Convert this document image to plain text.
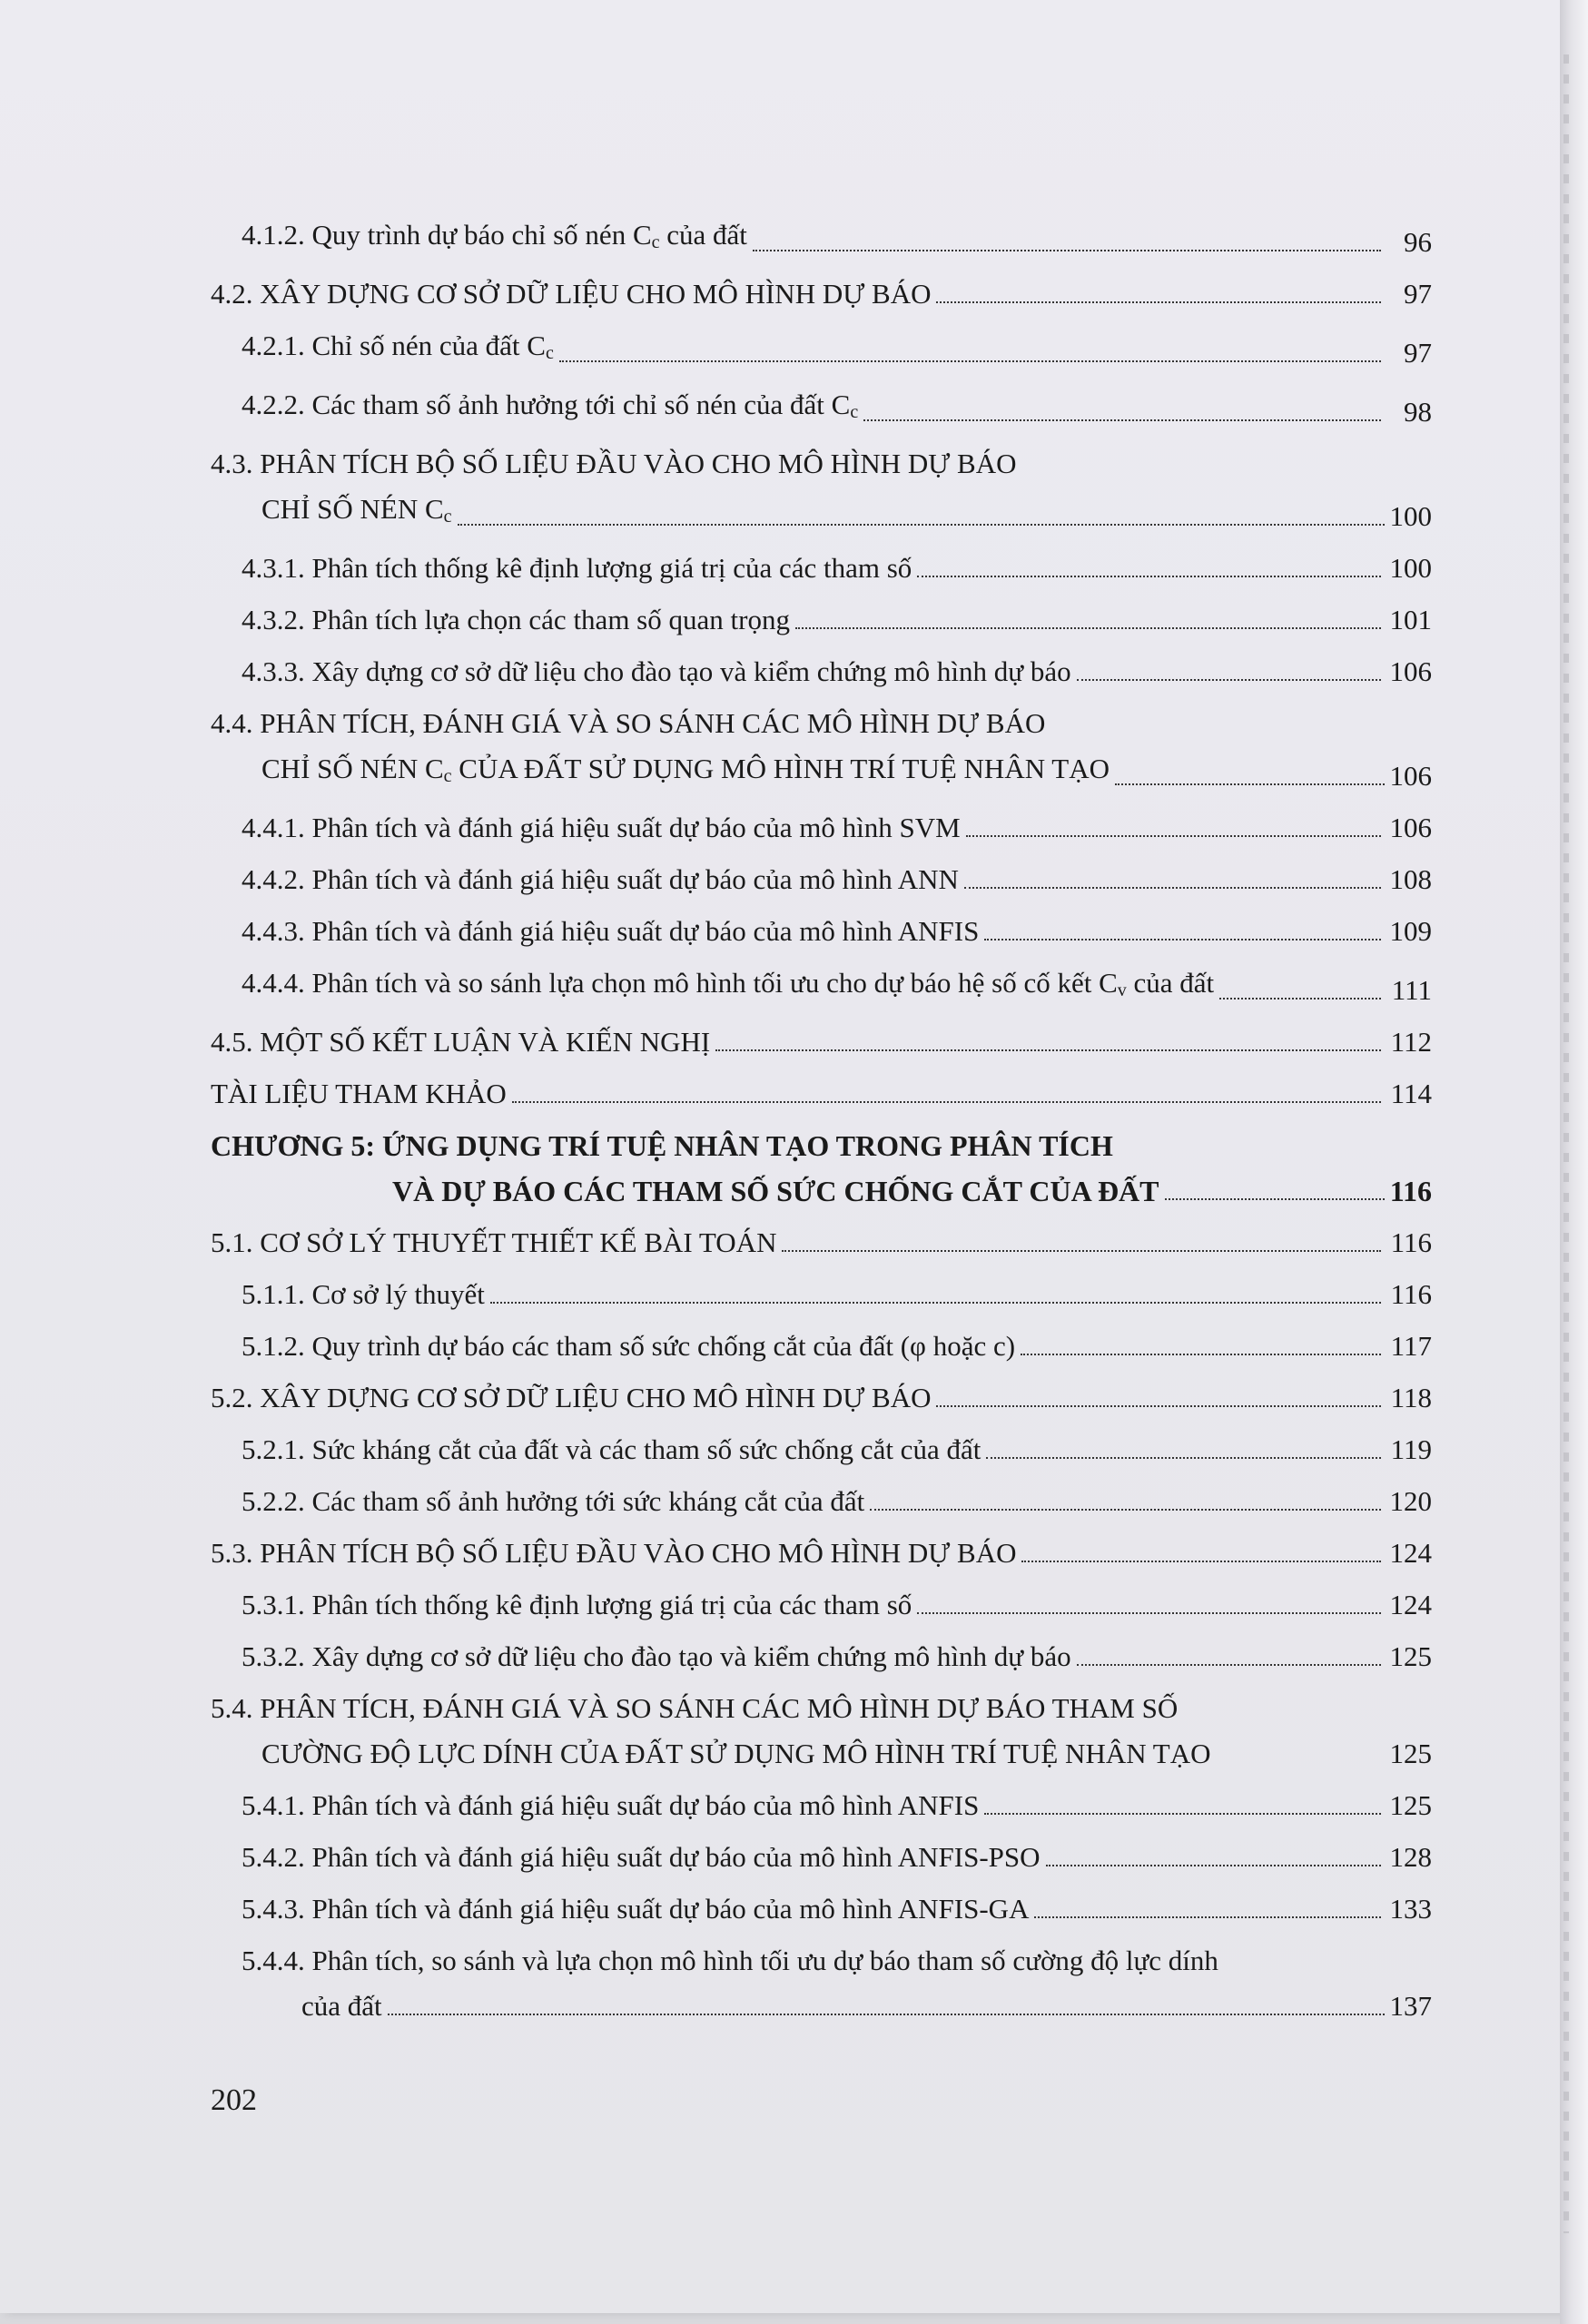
4.1.2. Quy trình dự báo chỉ số nén $C_c$ của đất	96
4.2. XÂY DỰNG CƠ SỞ DỮ LIỆU CHO MÔ HÌNH DỰ BÁO	97
4.2.1. Chỉ số nén của đất $C_c$	97
4.2.2. Các tham số ảnh hưởng tới chỉ số nén của đất $C_c$	98
4.3. PHÂN TÍCH BỘ SỐ LIỆU ĐẦU VÀO CHO MÔ HÌNH DỰ BÁO
CHỈ SỐ NÉN $C_c$	100
4.3.1. Phân tích thống kê định lượng giá trị của các tham số	100
4.3.2. Phân tích lựa chọn các tham số quan trọng	101
4.3.3. Xây dựng cơ sở dữ liệu cho đào tạo và kiểm chứng mô hình dự báo	106
4.4. PHÂN TÍCH, ĐÁNH GIÁ VÀ SO SÁNH CÁC MÔ HÌNH DỰ BÁO
CHỈ SỐ NÉN $C_c$ CỦA ĐẤT SỬ DỤNG MÔ HÌNH TRÍ TUỆ NHÂN TẠO	106
4.4.1. Phân tích và đánh giá hiệu suất dự báo của mô hình SVM	106
4.4.2. Phân tích và đánh giá hiệu suất dự báo của mô hình ANN	108
4.4.3. Phân tích và đánh giá hiệu suất dự báo của mô hình ANFIS	109
4.4.4. Phân tích và so sánh lựa chọn mô hình tối ưu cho dự báo hệ số cố kết $C_v$ của đất	111
4.5. MỘT SỐ KẾT LUẬN VÀ KIẾN NGHỊ	112
TÀI LIỆU THAM KHẢO	114
CHƯƠNG 5: ỨNG DỤNG TRÍ TUỆ NHÂN TẠO TRONG PHÂN TÍCH
VÀ DỰ BÁO CÁC THAM SỐ SỨC CHỐNG CẮT CỦA ĐẤT	116
5.1. CƠ SỞ LÝ THUYẾT THIẾT KẾ BÀI TOÁN	116
5.1.1. Cơ sở lý thuyết	116
5.1.2. Quy trình dự báo các tham số sức chống cắt của đất (φ hoặc c)	117
5.2. XÂY DỰNG CƠ SỞ DỮ LIỆU CHO MÔ HÌNH DỰ BÁO	118
5.2.1. Sức kháng cắt của đất và các tham số sức chống cắt của đất	119
5.2.2. Các tham số ảnh hưởng tới sức kháng cắt của đất	120
5.3. PHÂN TÍCH BỘ SỐ LIỆU ĐẦU VÀO CHO MÔ HÌNH DỰ BÁO	124
5.3.1. Phân tích thống kê định lượng giá trị của các tham số	124
5.3.2. Xây dựng cơ sở dữ liệu cho đào tạo và kiểm chứng mô hình dự báo	125
5.4. PHÂN TÍCH, ĐÁNH GIÁ VÀ SO SÁNH CÁC MÔ HÌNH DỰ BÁO THAM SỐ
CƯỜNG ĐỘ LỰC DÍNH CỦA ĐẤT SỬ DỤNG MÔ HÌNH TRÍ TUỆ NHÂN TẠO	125
5.4.1. Phân tích và đánh giá hiệu suất dự báo của mô hình ANFIS	125
5.4.2. Phân tích và đánh giá hiệu suất dự báo của mô hình ANFIS-PSO	128
5.4.3. Phân tích và đánh giá hiệu suất dự báo của mô hình ANFIS-GA	133
5.4.4. Phân tích, so sánh và lựa chọn mô hình tối ưu dự báo tham số cường độ lực dính
của đất	137
202
